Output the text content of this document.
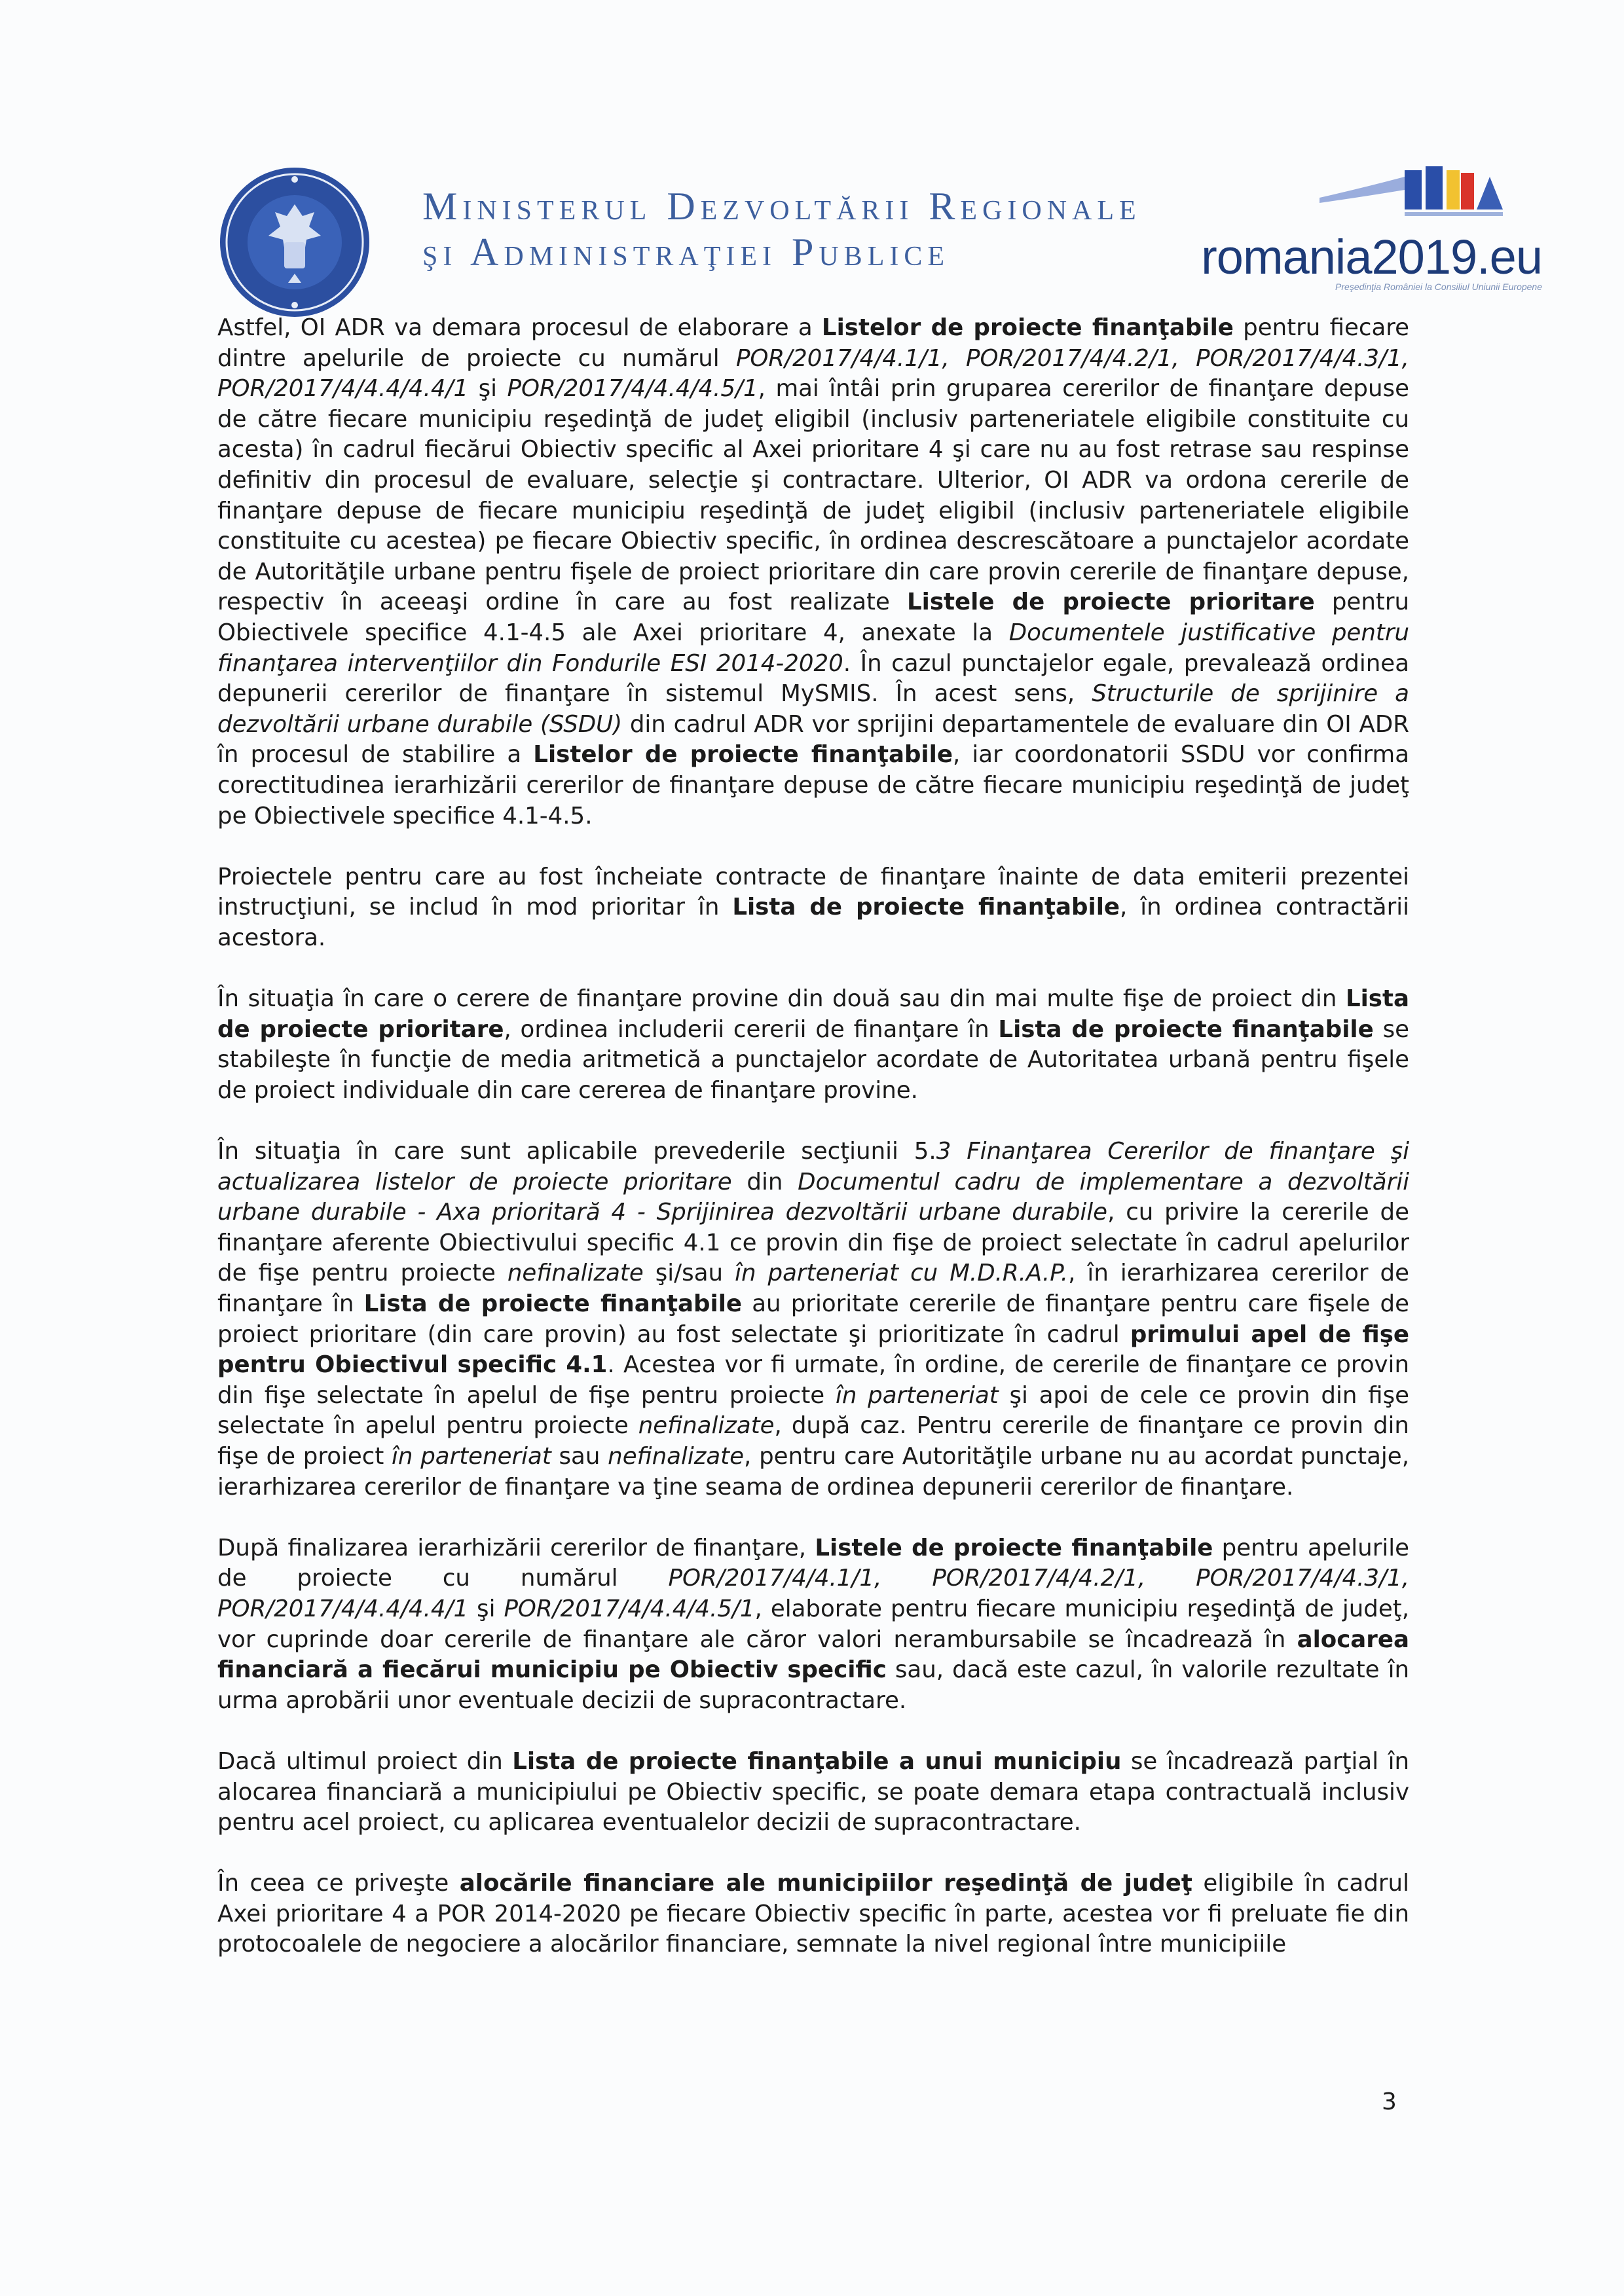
Ministerul Dezvoltării Regionale
şi Administraţiei Publice	romania2019.eu
Preşedinţia României la Consiliul Uniunii Europene

Astfel, OI ADR va demara procesul de elaborare a Listelor de proiecte finanţabile pentru fiecare dintre apelurile de proiecte cu numărul POR/2017/4/4.1/1, POR/2017/4/4.2/1, POR/2017/4/4.3/1, POR/2017/4/4.4/4.4/1 şi POR/2017/4/4.4/4.5/1, mai întâi prin gruparea cererilor de finanţare depuse de către fiecare municipiu reşedinţă de judeţ eligibil (inclusiv parteneriatele eligibile constituite cu acesta) în cadrul fiecărui Obiectiv specific al Axei prioritare 4 şi care nu au fost retrase sau respinse definitiv din procesul de evaluare, selecţie şi contractare. Ulterior, OI ADR va ordona cererile de finanţare depuse de fiecare municipiu reşedinţă de judeţ eligibil (inclusiv parteneriatele eligibile constituite cu acestea) pe fiecare Obiectiv specific, în ordinea descrescătoare a punctajelor acordate de Autorităţile urbane pentru fişele de proiect prioritare din care provin cererile de finanţare depuse, respectiv în aceeaşi ordine în care au fost realizate Listele de proiecte prioritare pentru Obiectivele specifice 4.1-4.5 ale Axei prioritare 4, anexate la Documentele justificative pentru finanţarea intervenţiilor din Fondurile ESI 2014-2020. În cazul punctajelor egale, prevalează ordinea depunerii cererilor de finanţare în sistemul MySMIS. În acest sens, Structurile de sprijinire a dezvoltării urbane durabile (SSDU) din cadrul ADR vor sprijini departamentele de evaluare din OI ADR în procesul de stabilire a Listelor de proiecte finanţabile, iar coordonatorii SSDU vor confirma corectitudinea ierarhizării cererilor de finanţare depuse de către fiecare municipiu reşedinţă de judeţ pe Obiectivele specifice 4.1-4.5.

Proiectele pentru care au fost încheiate contracte de finanţare înainte de data emiterii prezentei instrucţiuni, se includ în mod prioritar în Lista de proiecte finanţabile, în ordinea contractării acestora.

În situaţia în care o cerere de finanţare provine din două sau din mai multe fişe de proiect din Lista de proiecte prioritare, ordinea includerii cererii de finanţare în Lista de proiecte finanţabile se stabileşte în funcţie de media aritmetică a punctajelor acordate de Autoritatea urbană pentru fişele de proiect individuale din care cererea de finanţare provine.

În situaţia în care sunt aplicabile prevederile secţiunii 5.3 Finanţarea Cererilor de finanţare şi actualizarea listelor de proiecte prioritare din Documentul cadru de implementare a dezvoltării urbane durabile - Axa prioritară 4 - Sprijinirea dezvoltării urbane durabile, cu privire la cererile de finanţare aferente Obiectivului specific 4.1 ce provin din fişe de proiect selectate în cadrul apelurilor de fişe pentru proiecte nefinalizate şi/sau în parteneriat cu M.D.R.A.P., în ierarhizarea cererilor de finanţare în Lista de proiecte finanţabile au prioritate cererile de finanţare pentru care fişele de proiect prioritare (din care provin) au fost selectate şi prioritizate în cadrul primului apel de fişe pentru Obiectivul specific 4.1. Acestea vor fi urmate, în ordine, de cererile de finanţare ce provin din fişe selectate în apelul de fişe pentru proiecte în parteneriat şi apoi de cele ce provin din fişe selectate în apelul pentru proiecte nefinalizate, după caz. Pentru cererile de finanţare ce provin din fişe de proiect în parteneriat sau nefinalizate, pentru care Autorităţile urbane nu au acordat punctaje, ierarhizarea cererilor de finanţare va ţine seama de ordinea depunerii cererilor de finanţare.

După finalizarea ierarhizării cererilor de finanţare, Listele de proiecte finanţabile pentru apelurile de proiecte cu numărul POR/2017/4/4.1/1, POR/2017/4/4.2/1, POR/2017/4/4.3/1, POR/2017/4/4.4/4.4/1 şi POR/2017/4/4.4/4.5/1, elaborate pentru fiecare municipiu reşedinţă de judeţ, vor cuprinde doar cererile de finanţare ale căror valori nerambursabile se încadrează în alocarea financiară a fiecărui municipiu pe Obiectiv specific sau, dacă este cazul, în valorile rezultate în urma aprobării unor eventuale decizii de supracontractare.

Dacă ultimul proiect din Lista de proiecte finanţabile a unui municipiu se încadrează parţial în alocarea financiară a municipiului pe Obiectiv specific, se poate demara etapa contractuală inclusiv pentru acel proiect, cu aplicarea eventualelor decizii de supracontractare.

În ceea ce priveşte alocările financiare ale municipiilor reşedinţă de judeţ eligibile în cadrul Axei prioritare 4 a POR 2014-2020 pe fiecare Obiectiv specific în parte, acestea vor fi preluate fie din protocoalele de negociere a alocărilor financiare, semnate la nivel regional între municipiile

3
